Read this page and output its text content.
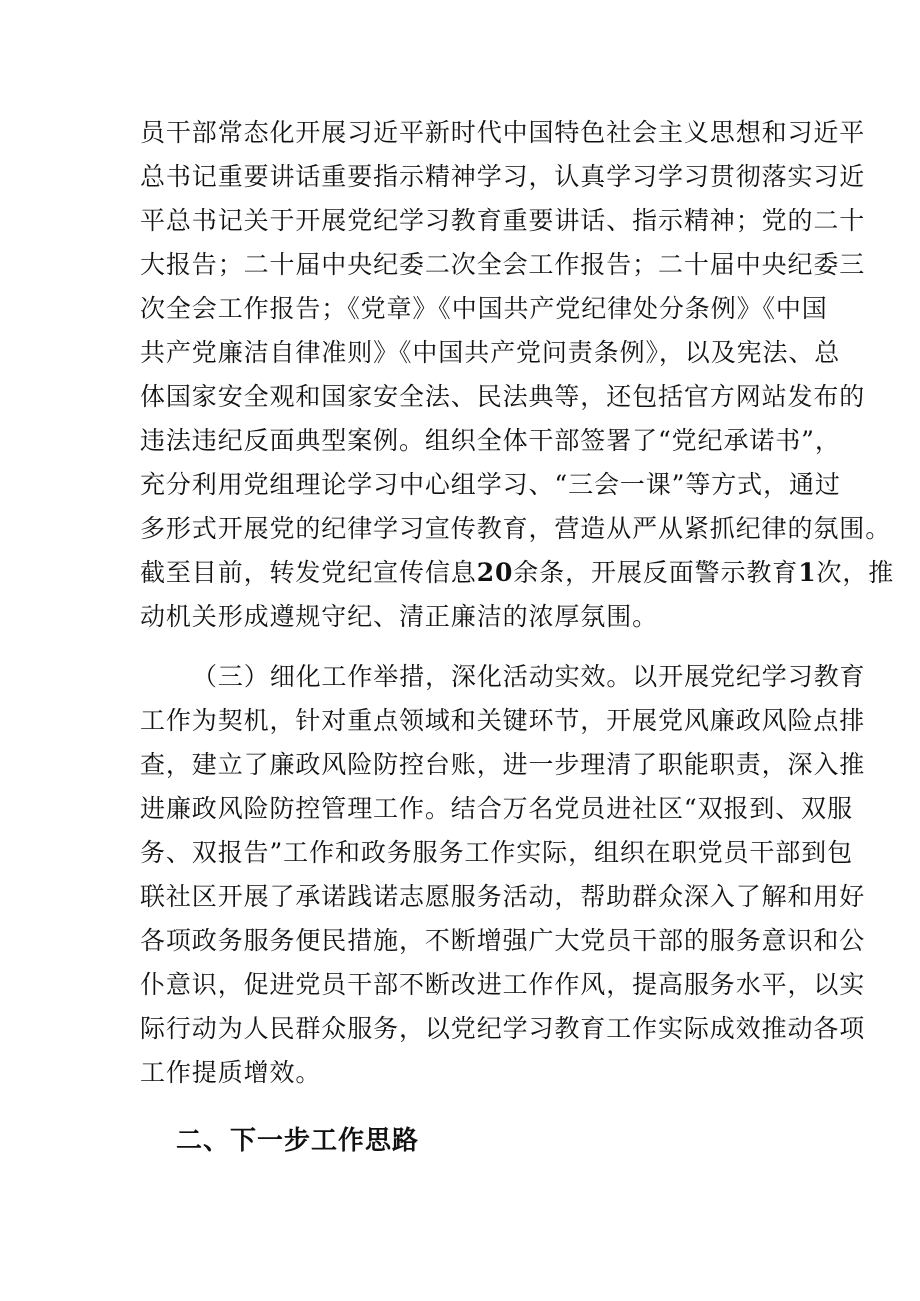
员干部常态化开展习近平新时代中国特色社会主义思想和习近平
总书记重要讲话重要指示精神学习，认真学习学习贯彻落实习近
平总书记关于开展党纪学习教育重要讲话、指示精神；党的二十
大报告；二十届中央纪委二次全会工作报告；二十届中央纪委三
次全会工作报告；《党章》《中国共产党纪律处分条例》《中国
共产党廉洁自律准则》《中国共产党问责条例》，以及宪法、总
体国家安全观和国家安全法、民法典等，还包括官方网站发布的
违法违纪反面典型案例。组织全体干部签署了“党纪承诺书”，
充分利用党组理论学习中心组学习、“三会一课”等方式，通过
多形式开展党的纪律学习宣传教育，营造从严从紧抓纪律的氛围。
截至目前，转发党纪宣传信息20余条，开展反面警示教育1次，推
动机关形成遵规守纪、清正廉洁的浓厚氛围。
（三）细化工作举措，深化活动实效。以开展党纪学习教育
工作为契机，针对重点领域和关键环节，开展党风廉政风险点排
查，建立了廉政风险防控台账，进一步理清了职能职责，深入推
进廉政风险防控管理工作。结合万名党员进社区“双报到、双服
务、双报告”工作和政务服务工作实际，组织在职党员干部到包
联社区开展了承诺践诺志愿服务活动，帮助群众深入了解和用好
各项政务服务便民措施，不断增强广大党员干部的服务意识和公
仆意识，促进党员干部不断改进工作作风，提高服务水平，以实
际行动为人民群众服务，以党纪学习教育工作实际成效推动各项
工作提质增效。
二、下一步工作思路
